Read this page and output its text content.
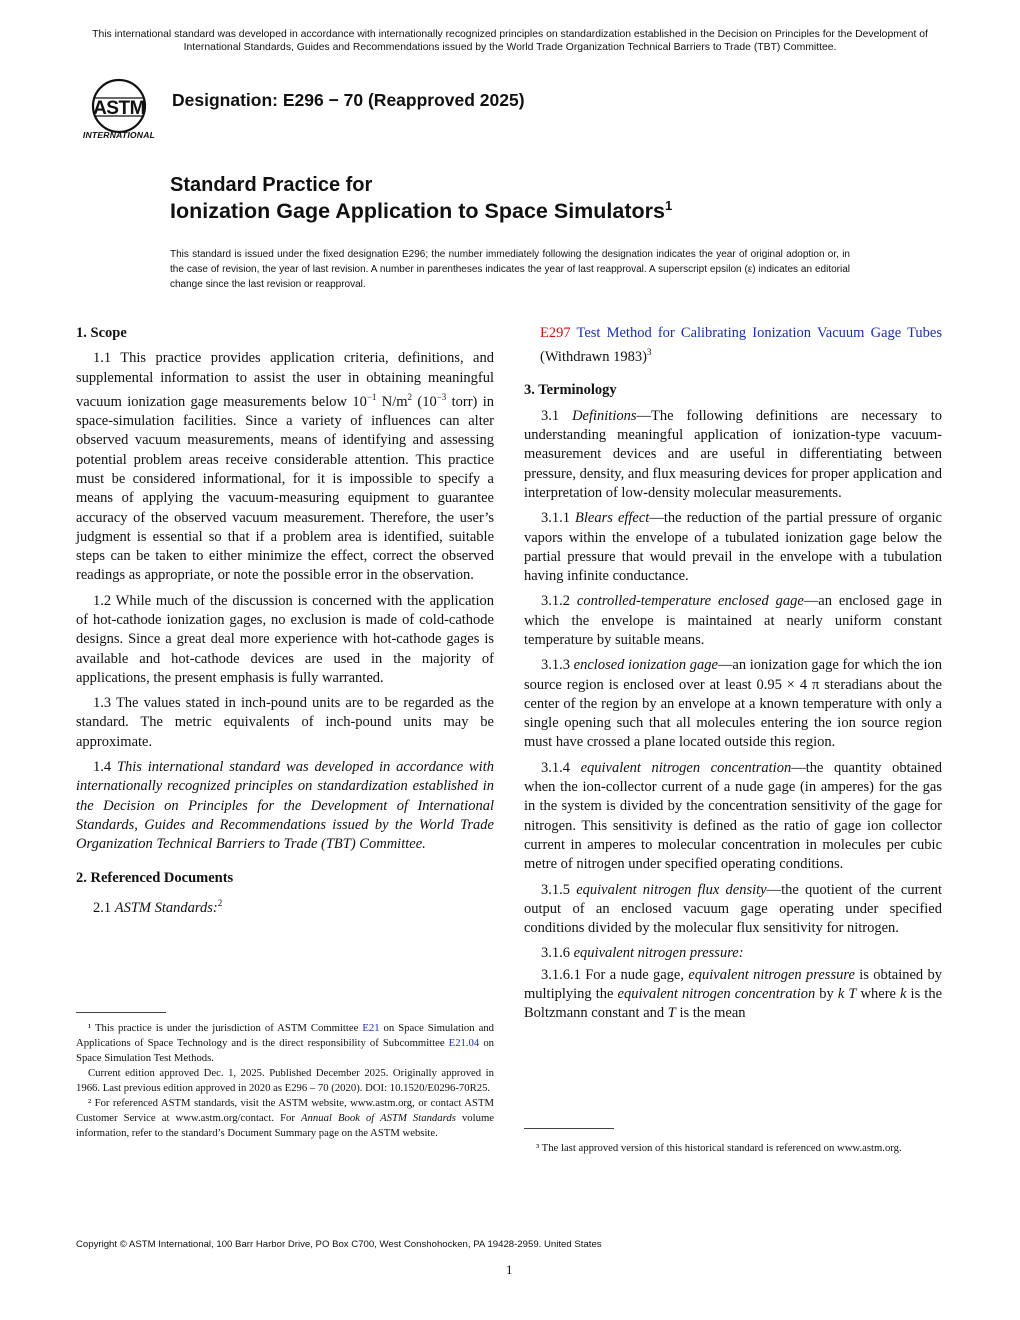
This international standard was developed in accordance with internationally recognized principles on standardization established in the Decision on Principles for the Development of International Standards, Guides and Recommendations issued by the World Trade Organization Technical Barriers to Trade (TBT) Committee.
ASTM
INTERNATIONAL
Designation: E296 − 70 (Reapproved 2025)
Standard Practice for
Ionization Gage Application to Space Simulators$^1$
This standard is issued under the fixed designation E296; the number immediately following the designation indicates the year of original adoption or, in the case of revision, the year of last revision. A number in parentheses indicates the year of last reapproval. A superscript epsilon (ε) indicates an editorial change since the last revision or reapproval.

1. Scope

1.1 This practice provides application criteria, definitions, and supplemental information to assist the user in obtaining meaningful vacuum ionization gage measurements below $10^{-1}$ $N/m^2$ ($10^{-3}$ torr) in space-simulation facilities. Since a variety of influences can alter observed vacuum measurements, means of identifying and assessing potential problem areas receive considerable attention. This practice must be considered informational, for it is impossible to specify a means of applying the vacuum-measuring equipment to guarantee accuracy of the observed vacuum measurement. Therefore, the user’s judgment is essential so that if a problem area is identified, suitable steps can be taken to either minimize the effect, correct the observed readings as appropriate, or note the possible error in the observation.

1.2 While much of the discussion is concerned with the application of hot-cathode ionization gages, no exclusion is made of cold-cathode designs. Since a great deal more experience with hot-cathode gages is available and hot-cathode devices are used in the majority of applications, the present emphasis is fully warranted.

1.3 The values stated in inch-pound units are to be regarded as the standard. The metric equivalents of inch-pound units may be approximate.

1.4 This international standard was developed in accordance with internationally recognized principles on standardization established in the Decision on Principles for the Development of International Standards, Guides and Recommendations issued by the World Trade Organization Technical Barriers to Trade (TBT) Committee.

2. Referenced Documents

2.1 ASTM Standards:$^2$

¹ This practice is under the jurisdiction of ASTM Committee E21 on Space Simulation and Applications of Space Technology and is the direct responsibility of Subcommittee E21.04 on Space Simulation Test Methods.

Current edition approved Dec. 1, 2025. Published December 2025. Originally approved in 1966. Last previous edition approved in 2020 as E296 – 70 (2020). DOI: 10.1520/E0296-70R25.

² For referenced ASTM standards, visit the ASTM website, www.astm.org, or contact ASTM Customer Service at www.astm.org/contact. For Annual Book of ASTM Standards volume information, refer to the standard’s Document Summary page on the ASTM website.

E297 Test Method for Calibrating Ionization Vacuum Gage Tubes (Withdrawn 1983)$^3$

3. Terminology

3.1 Definitions—The following definitions are necessary to understanding meaningful application of ionization-type vacuum-measurement devices and are useful in differentiating between pressure, density, and flux measuring devices for proper application and interpretation of low-density molecular measurements.

3.1.1 Blears effect—the reduction of the partial pressure of organic vapors within the envelope of a tubulated ionization gage below the partial pressure that would prevail in the envelope with a tubulation having infinite conductance.

3.1.2 controlled-temperature enclosed gage—an enclosed gage in which the envelope is maintained at nearly uniform constant temperature by suitable means.

3.1.3 enclosed ionization gage—an ionization gage for which the ion source region is enclosed over at least 0.95 × 4 π steradians about the center of the region by an envelope at a known temperature with only a single opening such that all molecules entering the ion source region must have crossed a plane located outside this region.

3.1.4 equivalent nitrogen concentration—the quantity obtained when the ion-collector current of a nude gage (in amperes) for the gas in the system is divided by the concentration sensitivity of the gage for nitrogen. This sensitivity is defined as the ratio of gage ion collector current in amperes to molecular concentration in molecules per cubic metre of nitrogen under specified operating conditions.

3.1.5 equivalent nitrogen flux density—the quotient of the current output of an enclosed vacuum gage operating under specified conditions divided by the molecular flux sensitivity for nitrogen.

3.1.6 equivalent nitrogen pressure:

3.1.6.1 For a nude gage, equivalent nitrogen pressure is obtained by multiplying the equivalent nitrogen concentration by k T where k is the Boltzmann constant and T is the mean

³ The last approved version of this historical standard is referenced on www.astm.org.

Copyright © ASTM International, 100 Barr Harbor Drive, PO Box C700, West Conshohocken, PA 19428-2959. United States
1
